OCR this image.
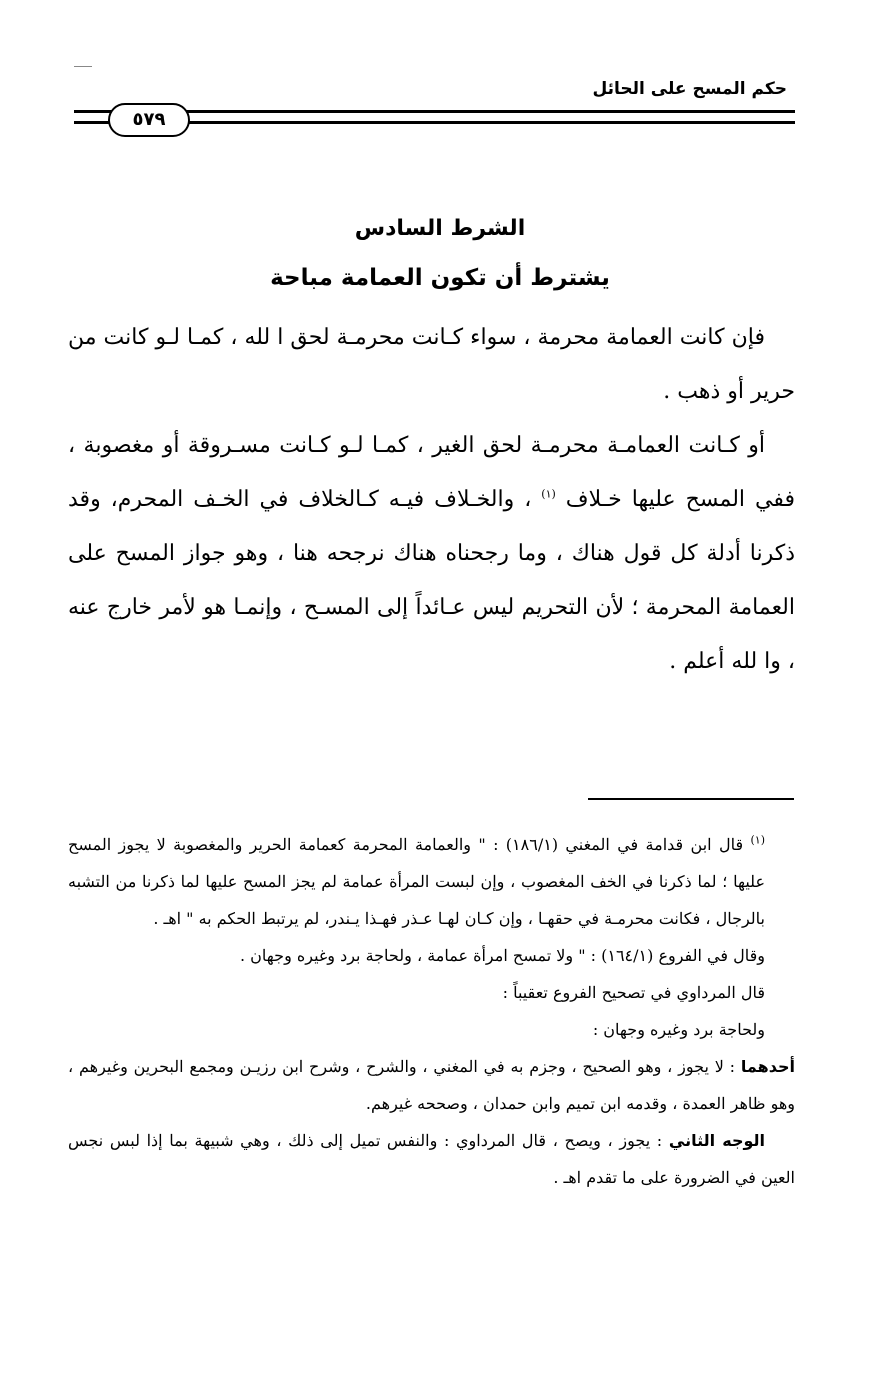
حكم المسح على الحائل
٥٧٩
الشرط السادس
يشترط أن تكون العمامة مباحة

فإن كانت العمامة محرمة ، سواء كـانت محرمـة لحق ا لله ، كمـا لـو كانت من حرير أو ذهب .

أو كـانت العمامـة محرمـة لحق الغير ، كمـا لـو كـانت مسـروقة أو مغصوبة ، ففي المسح عليها خـلاف $^{(١)}$ ، والخـلاف فيـه كـالخلاف في الخـف المحرم، وقد ذكرنا أدلة كل قول هناك ، وما رجحناه هناك نرجحه هنا ، وهو جواز المسح على العمامة المحرمة ؛ لأن التحريم ليس عـائداً إلى المسـح ، وإنمـا هو لأمر خارج عنه ، وا لله أعلم .

$^{(١)}$ قال ابن قدامة في المغني (١٨٦/١) : " والعمامة المحرمة كعمامة الحرير والمغصوبة لا يجوز المسح عليها ؛ لما ذكرنا في الخف المغصوب ، وإن لبست المرأة عمامة لم يجز المسح عليها لما ذكرنا من التشبه بالرجال ، فكانت محرمـة في حقهـا ، وإن كـان لهـا عـذر فهـذا يـندر، لم يرتبط الحكم به " اهـ .

وقال في الفروع (١٦٤/١) : " ولا تمسح امرأة عمامة ، ولحاجة برد وغيره وجهان .

قال المرداوي في تصحيح الفروع تعقيباً :

ولحاجة برد وغيره وجهان :

أحدهما : لا يجوز ، وهو الصحيح ، وجزم به في المغني ، والشرح ، وشرح ابن رزيـن ومجمع البحرين وغيرهم ، وهو ظاهر العمدة ، وقدمه ابن تميم وابن حمدان ، وصححه غيرهم.

الوجه الثاني : يجوز ، ويصح ، قال المرداوي : والنفس تميل إلى ذلك ، وهي شبيهة بما إذا لبس نجس العين في الضرورة على ما تقدم اهـ .
